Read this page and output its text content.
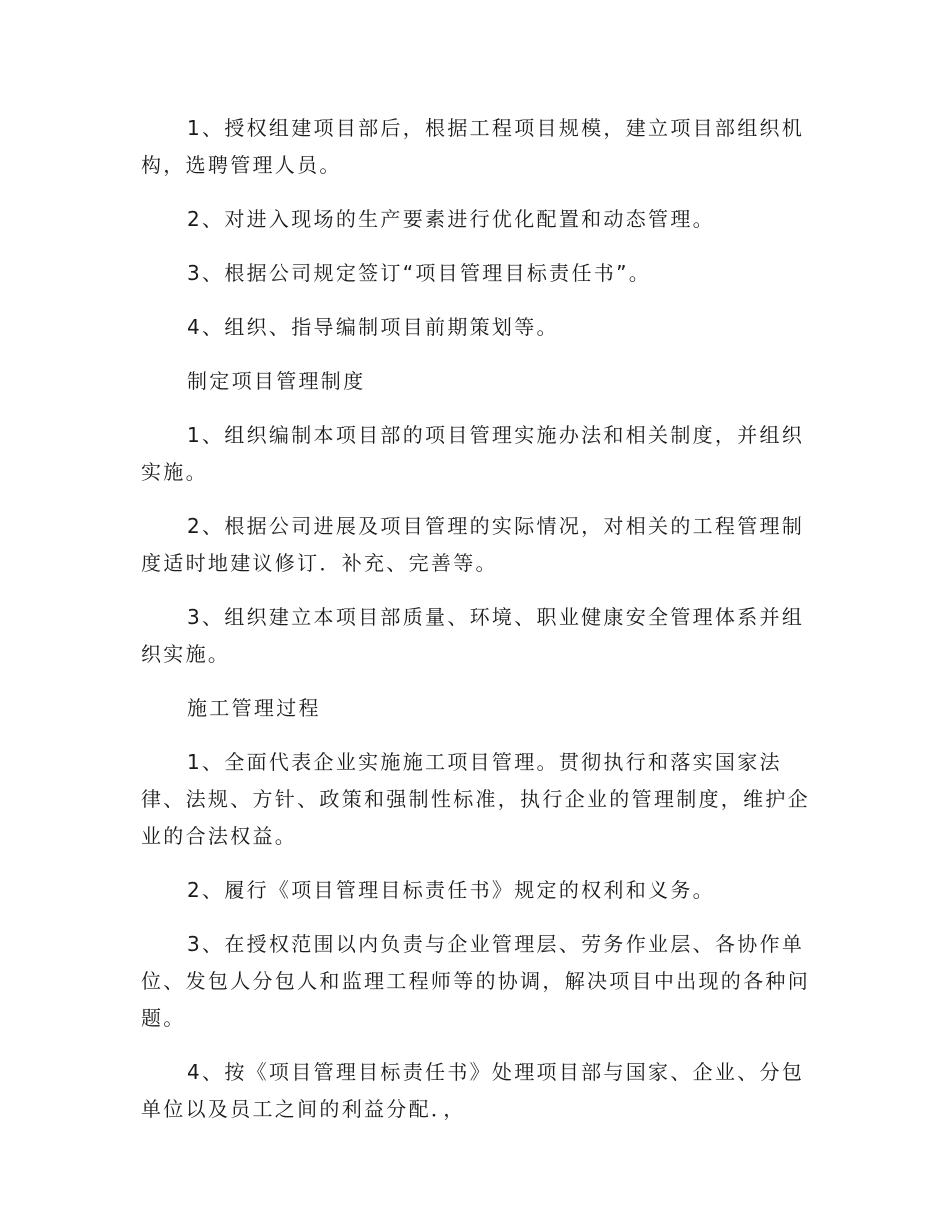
1、授权组建项目部后，根据工程项目规模，建立项目部组织机构，选聘管理人员。

2、对进入现场的生产要素进行优化配置和动态管理。

3、根据公司规定签订“项目管理目标责任书”。

4、组织、指导编制项目前期策划等。

制定项目管理制度

1、组织编制本项目部的项目管理实施办法和相关制度，并组织实施。

2、根据公司进展及项目管理的实际情况，对相关的工程管理制度适时地建议修订．补充、完善等。

3、组织建立本项目部质量、环境、职业健康安全管理体系并组织实施。

施工管理过程

1、全面代表企业实施施工项目管理。贯彻执行和落实国家法律、法规、方针、政策和强制性标准，执行企业的管理制度，维护企业的合法权益。

2、履行《项目管理目标责任书》规定的权利和义务。

3、在授权范围以内负责与企业管理层、劳务作业层、各协作单位、发包人分包人和监理工程师等的协调，解决项目中出现的各种问题。

4、按《项目管理目标责任书》处理项目部与国家、企业、分包单位以及员工之间的利益分配．，
